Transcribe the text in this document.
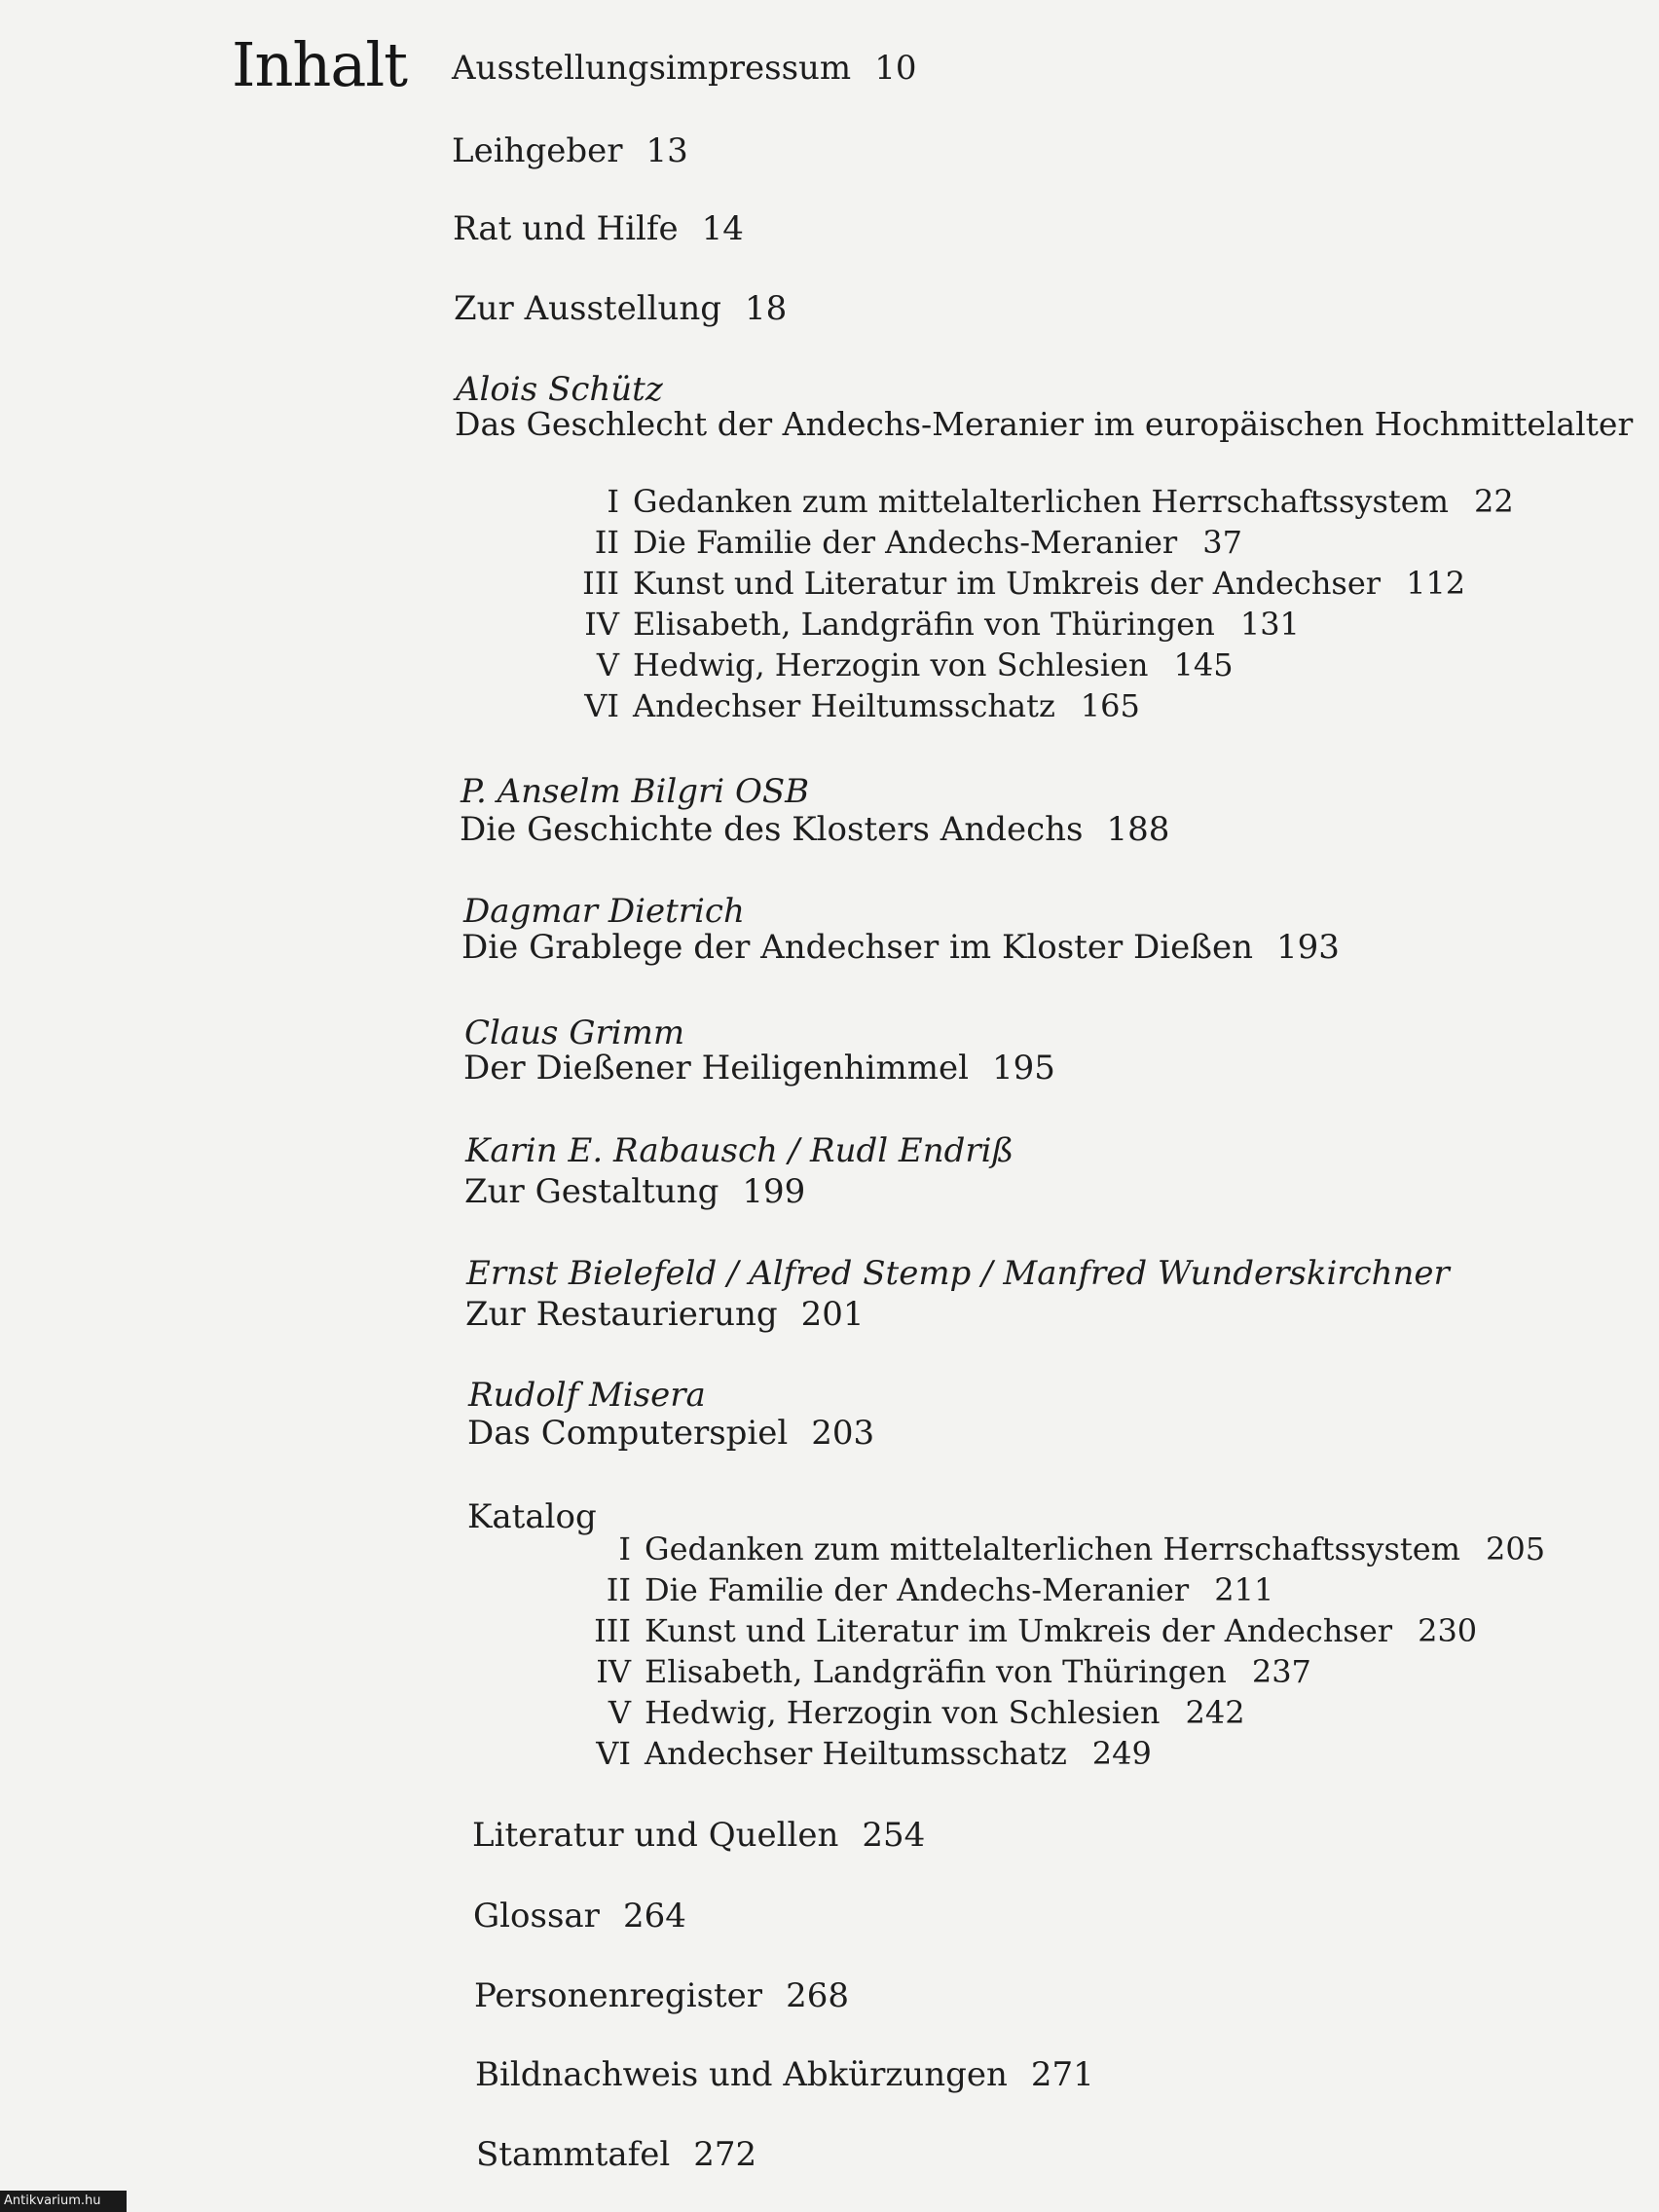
Inhalt Ausstellungsimpressum 10
Leihgeber 13
Rat und Hilfe 14
Zur Ausstellung 18
Alois Schütz
Das Geschlecht der Andechs-Meranier im europäischen Hochmittelalter
I Gedanken zum mittelalterlichen Herrschaftssystem 22
II Die Familie der Andechs-Meranier 37
III Kunst und Literatur im Umkreis der Andechser 112
IV Elisabeth, Landgräfin von Thüringen 131
V Hedwig, Herzogin von Schlesien 145
VI Andechser Heiltumsschatz 165
P. Anselm Bilgri OSB
Die Geschichte des Klosters Andechs 188
Dagmar Dietrich
Die Grablege der Andechser im Kloster Dießen 193
Claus Grimm
Der Dießener Heiligenhimmel 195
Karin E. Rabausch / Rudl Endriß
Zur Gestaltung 199
Ernst Bielefeld / Alfred Stemp / Manfred Wunderskirchner
Zur Restaurierung 201
Rudolf Misera
Das Computerspiel 203
Katalog
I Gedanken zum mittelalterlichen Herrschaftssystem 205
II Die Familie der Andechs-Meranier 211
III Kunst und Literatur im Umkreis der Andechser 230
IV Elisabeth, Landgräfin von Thüringen 237
V Hedwig, Herzogin von Schlesien 242
VI Andechser Heiltumsschatz 249
Literatur und Quellen 254
Glossar 264
Personenregister 268
Bildnachweis und Abkürzungen 271
Stammtafel 272
Antikvarium.hu
